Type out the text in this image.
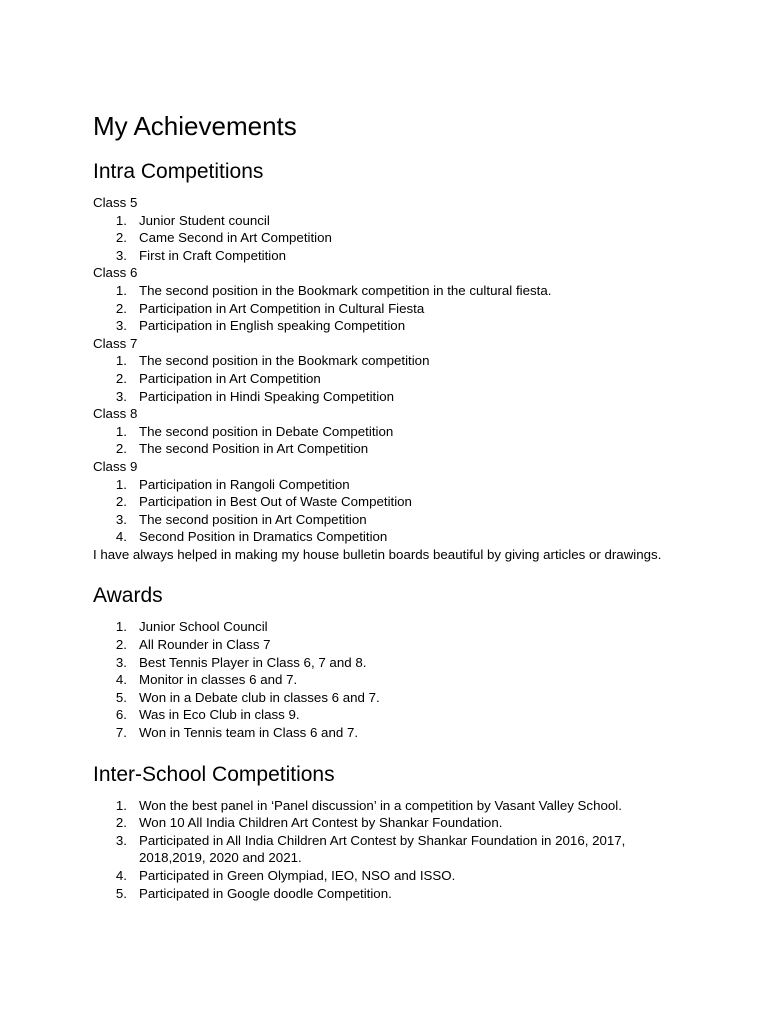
My Achievements
Intra Competitions
Class 5
1. Junior Student council
2. Came Second in Art Competition
3. First in Craft Competition
Class 6
1. The second position in the Bookmark competition in the cultural fiesta.
2. Participation in Art Competition in Cultural Fiesta
3. Participation in English speaking Competition
Class 7
1. The second position in the Bookmark competition
2. Participation in Art Competition
3. Participation in Hindi Speaking Competition
Class 8
1. The second position in Debate Competition
2. The second Position in Art Competition
Class 9
1. Participation in Rangoli Competition
2. Participation in Best Out of Waste Competition
3. The second position in Art Competition
4. Second Position in Dramatics Competition
I have always helped in making my house bulletin boards beautiful by giving articles or drawings.
Awards
1. Junior School Council
2. All Rounder in Class 7
3. Best Tennis Player in Class 6, 7 and 8.
4. Monitor in classes 6 and 7.
5. Won in a Debate club in classes 6 and 7.
6. Was in Eco Club in class 9.
7. Won in Tennis team in Class 6 and 7.
Inter-School Competitions
1. Won the best panel in ‘Panel discussion’ in a competition by Vasant Valley School.
2. Won 10 All India Children Art Contest by Shankar Foundation.
3. Participated in All India Children Art Contest by Shankar Foundation in 2016, 2017, 2018,2019, 2020 and 2021.
4. Participated in Green Olympiad, IEO, NSO and ISSO.
5. Participated in Google doodle Competition.
